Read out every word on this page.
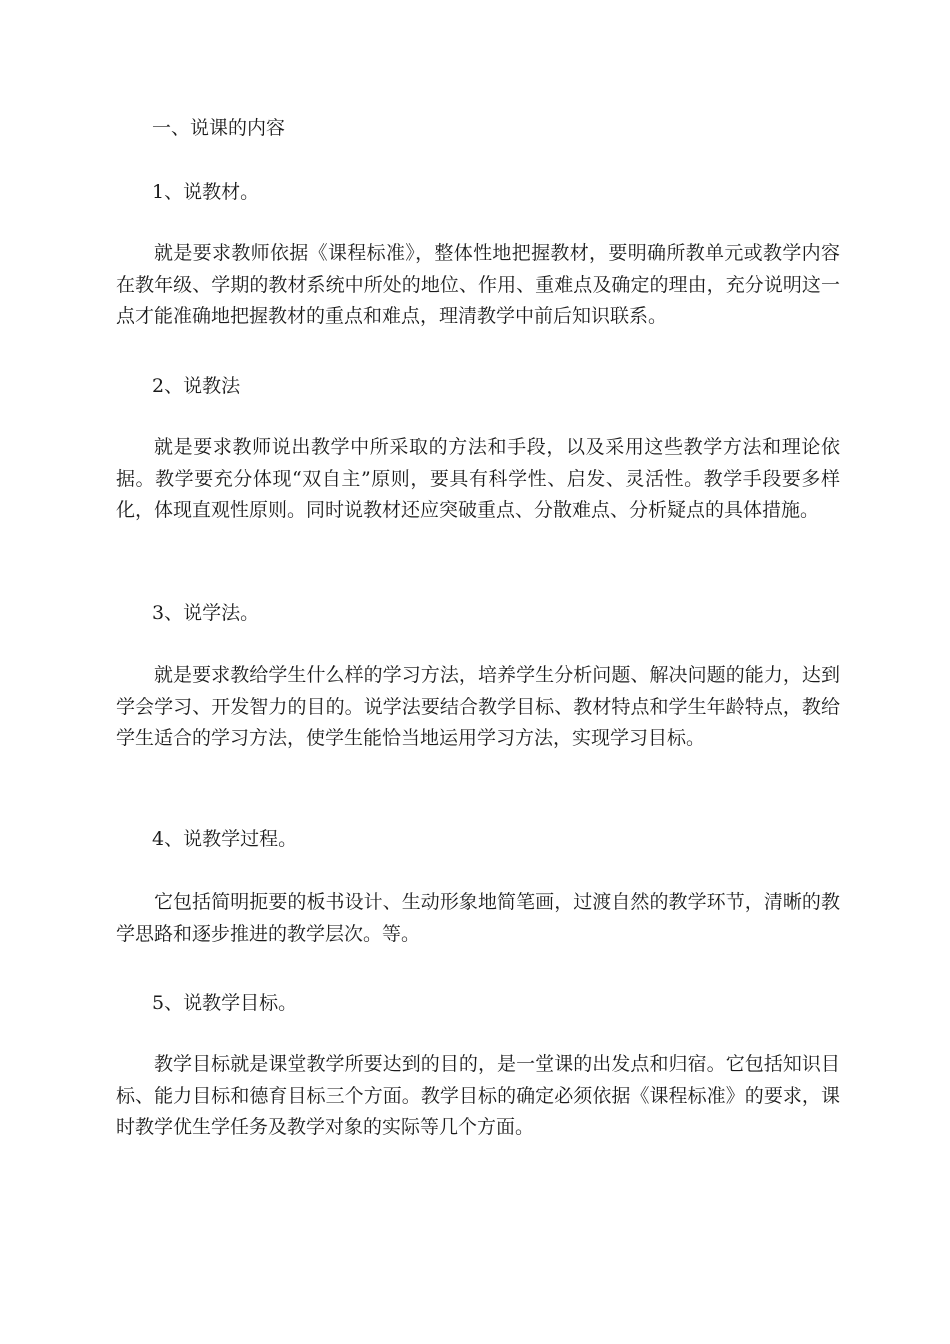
一、说课的内容
1、说教材。
就是要求教师依据《课程标准》，整体性地把握教材，要明确所教单元或教学内容在教年级、学期的教材系统中所处的地位、作用、重难点及确定的理由，充分说明这一点才能准确地把握教材的重点和难点，理清教学中前后知识联系。
2、说教法
就是要求教师说出教学中所采取的方法和手段，以及采用这些教学方法和理论依据。教学要充分体现“双自主”原则，要具有科学性、启发、灵活性。教学手段要多样化，体现直观性原则。同时说教材还应突破重点、分散难点、分析疑点的具体措施。
3、说学法。
就是要求教给学生什么样的学习方法，培养学生分析问题、解决问题的能力，达到学会学习、开发智力的目的。说学法要结合教学目标、教材特点和学生年龄特点，教给学生适合的学习方法，使学生能恰当地运用学习方法，实现学习目标。
4、说教学过程。
它包括简明扼要的板书设计、生动形象地简笔画，过渡自然的教学环节，清晰的教学思路和逐步推进的教学层次。等。
5、说教学目标。
教学目标就是课堂教学所要达到的目的，是一堂课的出发点和归宿。它包括知识目标、能力目标和德育目标三个方面。教学目标的确定必须依据《课程标准》的要求，课时教学优生学任务及教学对象的实际等几个方面。
